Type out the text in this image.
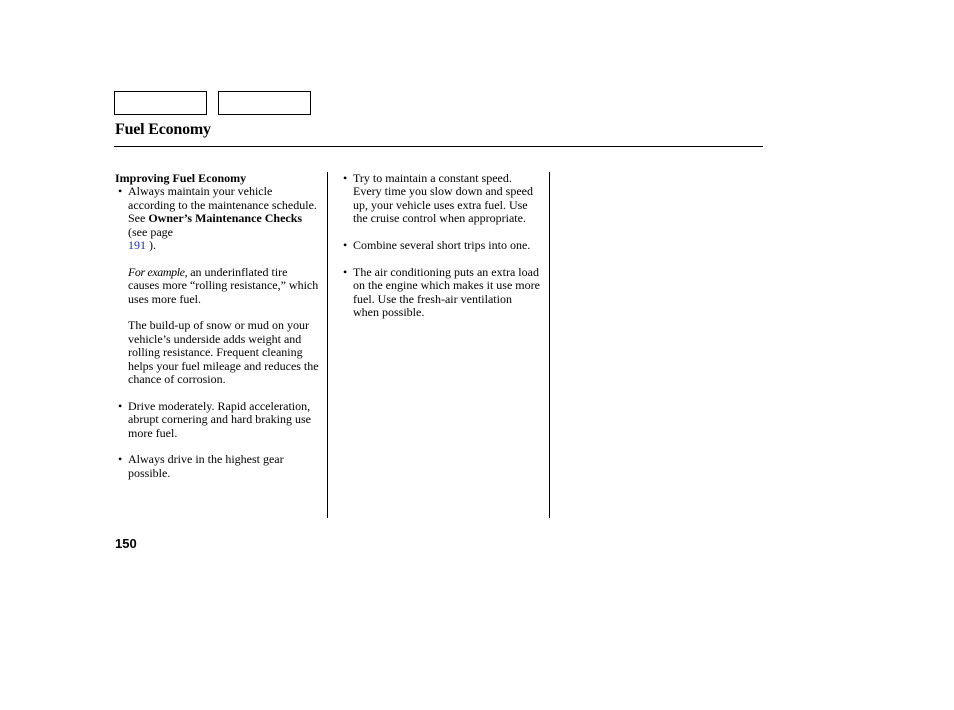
Fuel Economy
Improving Fuel Economy
• Always maintain your vehicle according to the maintenance schedule. See Owner’s Maintenance Checks (see page
191 ).
For example, an underinflated tire causes more “rolling resistance,” which uses more fuel.
The build-up of snow or mud on your vehicle’s underside adds weight and rolling resistance. Frequent cleaning helps your fuel mileage and reduces the chance of corrosion.
• Drive moderately. Rapid acceleration, abrupt cornering and hard braking use more fuel.
• Always drive in the highest gear possible.
• Try to maintain a constant speed. Every time you slow down and speed up, your vehicle uses extra fuel. Use the cruise control when appropriate.
• Combine several short trips into one.
• The air conditioning puts an extra load on the engine which makes it use more fuel. Use the fresh-air ventilation when possible.
150
